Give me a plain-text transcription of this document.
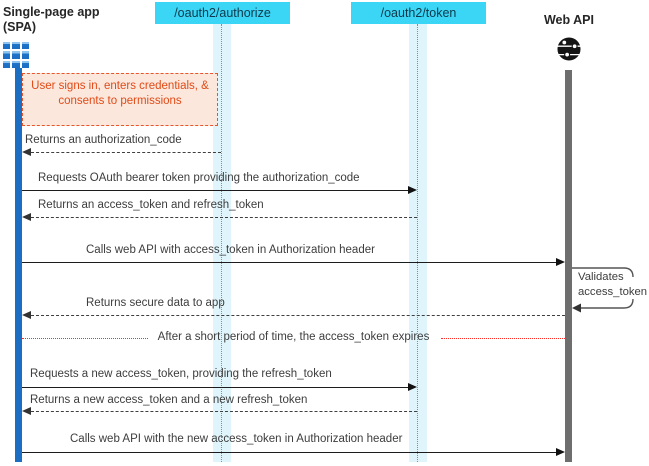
/oauth2/authorize	/oauth2/token
Single-page app
(SPA)	Web API
User signs in, enters credentials, & consents to permissions
Returns an authorization_code
Requests OAuth bearer token providing the authorization_code
Returns an access_token and refresh_token
Calls web API with access_token in Authorization header
Validates access_token
Returns secure data to app
After a short period of time, the access_token expires
Requests a new access_token, providing the refresh_token
Returns a new access_token and a new refresh_token
Calls web API with the new access_token in Authorization header
